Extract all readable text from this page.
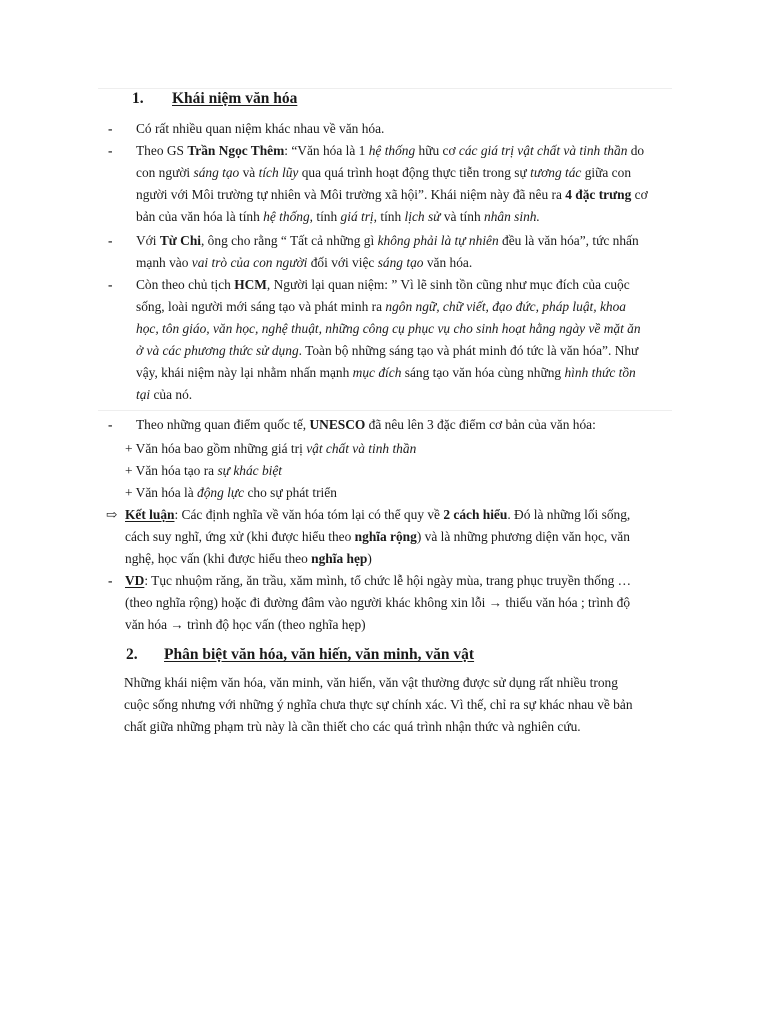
1. Khái niệm văn hóa
- Có rất nhiều quan niệm khác nhau về văn hóa.
- Theo GS Trần Ngọc Thêm: “Văn hóa là 1 hệ thống hữu cơ các giá trị vật chất và tinh thần do
con người sáng tạo và tích lũy qua quá trình hoạt động thực tiễn trong sự tương tác giữa con
người với Môi trường tự nhiên và Môi trường xã hội”. Khái niệm này đã nêu ra 4 đặc trưng cơ
bản của văn hóa là tính hệ thống, tính giá trị, tính lịch sử và tính nhân sinh.
- Với Từ Chi, ông cho rằng “ Tất cả những gì không phải là tự nhiên đều là văn hóa”, tức nhấn
mạnh vào vai trò của con người đối với việc sáng tạo văn hóa.
- Còn theo chủ tịch HCM, Người lại quan niệm: ” Vì lẽ sinh tồn cũng như mục đích của cuộc
sống, loài người mới sáng tạo và phát minh ra ngôn ngữ, chữ viết, đạo đức, pháp luật, khoa
học, tôn giáo, văn học, nghệ thuật, những công cụ phục vụ cho sinh hoạt hằng ngày về mặt ăn
ở và các phương thức sử dụng. Toàn bộ những sáng tạo và phát minh đó tức là văn hóa”. Như
vậy, khái niệm này lại nhằm nhấn mạnh mục đích sáng tạo văn hóa cùng những hình thức tồn
tại của nó.
- Theo những quan điểm quốc tế, UNESCO đã nêu lên 3 đặc điểm cơ bản của văn hóa:
+ Văn hóa bao gồm những giá trị vật chất và tinh thần
+ Văn hóa tạo ra sự khác biệt
+ Văn hóa là động lực cho sự phát triển
⇨ Kết luận: Các định nghĩa về văn hóa tóm lại có thể quy về 2 cách hiểu. Đó là những lối sống,
cách suy nghĩ, ứng xử (khi được hiểu theo nghĩa rộng) và là những phương diện văn học, văn
nghệ, học vấn (khi được hiểu theo nghĩa hẹp)
- VD: Tục nhuộm răng, ăn trầu, xăm mình, tổ chức lễ hội ngày mùa, trang phục truyền thống …
(theo nghĩa rộng) hoặc đi đường đâm vào người khác không xin lỗi → thiếu văn hóa ; trình độ
văn hóa → trình độ học vấn (theo nghĩa hẹp)
2. Phân biệt văn hóa, văn hiến, văn minh, văn vật
Những khái niệm văn hóa, văn minh, văn hiến, văn vật thường được sử dụng rất nhiều trong
cuộc sống nhưng với những ý nghĩa chưa thực sự chính xác. Vì thế, chỉ ra sự khác nhau về bản
chất giữa những phạm trù này là cần thiết cho các quá trình nhận thức và nghiên cứu.
